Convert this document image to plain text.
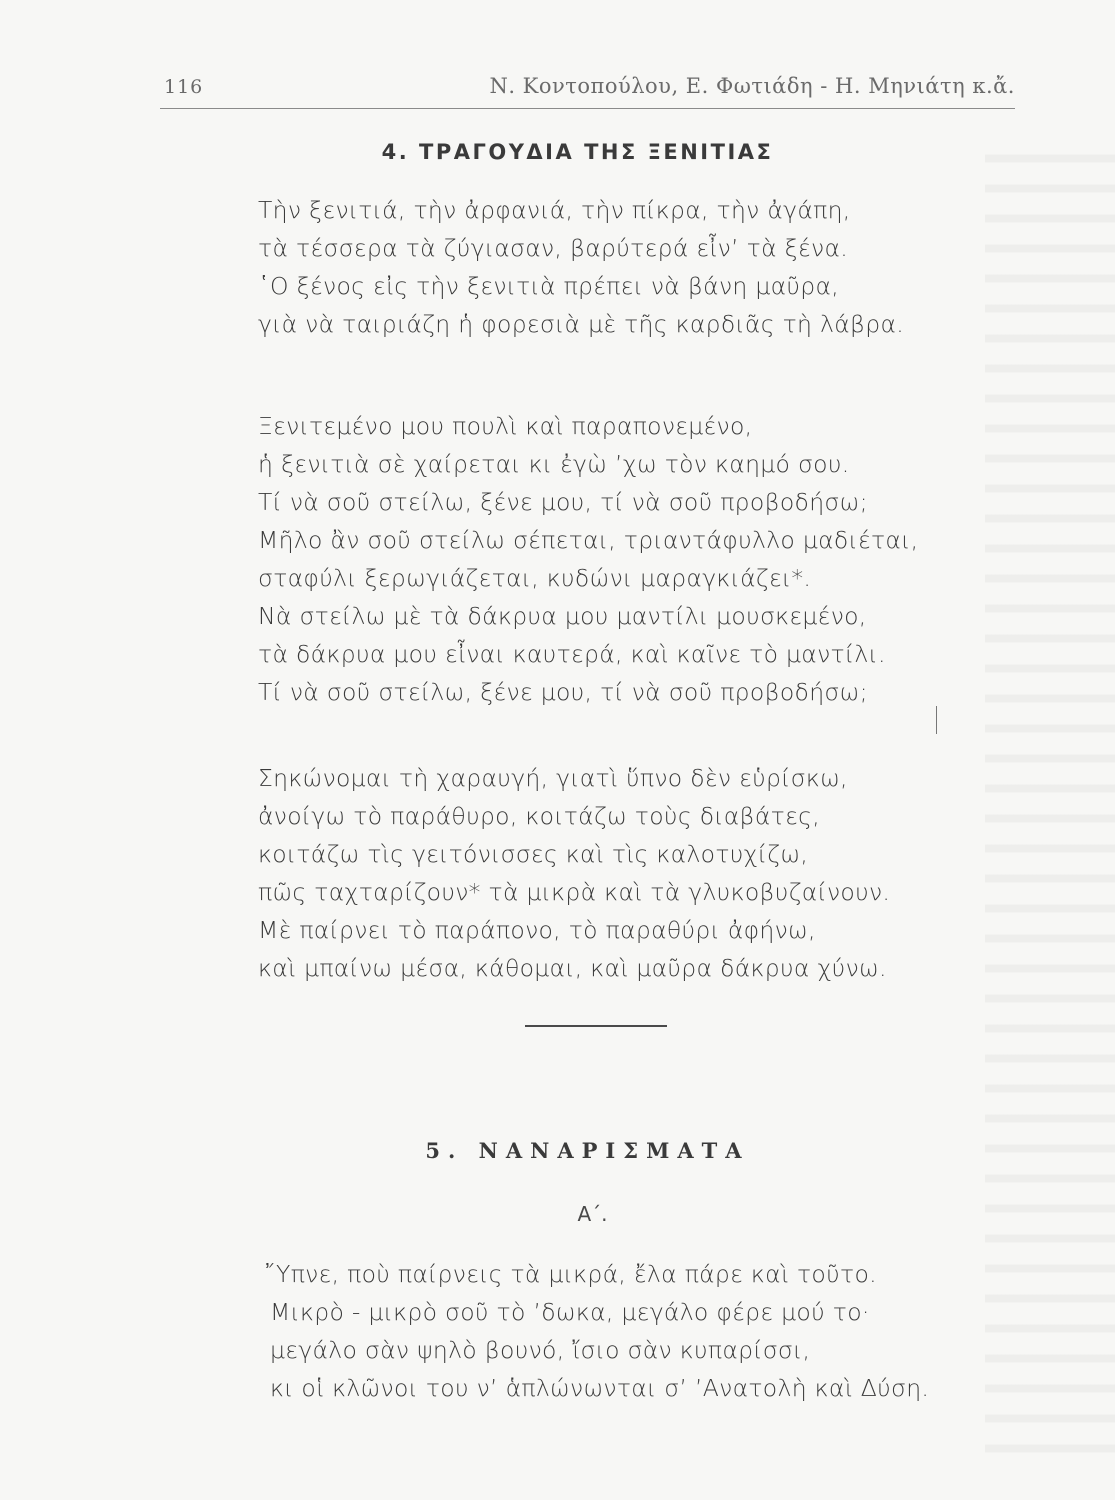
116	Ν. Κοντοπούλου, Ε. Φωτιάδη - Η. Μηνιάτη κ.ἄ.
4. ΤΡΑΓΟΥΔΙΑ ΤΗΣ ΞΕΝΙΤΙΑΣ
Τὴν ξενιτιά, τὴν ἀρφανιά, τὴν πίκρα, τὴν ἀγάπη,
τὰ τέσσερα τὰ ζύγιασαν, βαρύτερά εἶν’ τὰ ξένα.
῾Ο ξένος εἰς τὴν ξενιτιὰ πρέπει νὰ βάνη μαῦρα,
γιὰ νὰ ταιριάζη ἡ φορεσιὰ μὲ τῆς καρδιᾶς τὴ λάβρα.
Ξενιτεμένο μου πουλὶ καὶ παραπονεμένο,
ἡ ξενιτιὰ σὲ χαίρεται κι ἐγὼ ’χω τὸν καημό σου.
Τί νὰ σοῦ στείλω, ξένε μου, τί νὰ σοῦ προβοδήσω;
Μῆλο ἂν σοῦ στείλω σέπεται, τριαντάφυλλο μαδιέται,
σταφύλι ξερωγιάζεται, κυδώνι μαραγκιάζει*.
Νὰ στείλω μὲ τὰ δάκρυα μου μαντίλι μουσκεμένο,
τὰ δάκρυα μου εἶναι καυτερά, καὶ καῖνε τὸ μαντίλι.
Τί νὰ σοῦ στείλω, ξένε μου, τί νὰ σοῦ προβοδήσω;
Σηκώνομαι τὴ χαραυγή, γιατὶ ὕπνο δὲν εὑρίσκω,
ἀνοίγω τὸ παράθυρο, κοιτάζω τοὺς διαβάτες,
κοιτάζω τὶς γειτόνισσες καὶ τὶς καλοτυχίζω,
πῶς ταχταρίζουν* τὰ μικρὰ καὶ τὰ γλυκοβυζαίνουν.
Μὲ παίρνει τὸ παράπονο, τὸ παραθύρι ἀφήνω,
καὶ μπαίνω μέσα, κάθομαι, καὶ μαῦρα δάκρυα χύνω.
5. ΝΑΝΑΡΙΣΜΑΤΑ
Α΄.
῎Υπνε, ποὺ παίρνεις τὰ μικρά, ἔλα πάρε καὶ τοῦτο.
Μικρὸ - μικρὸ σοῦ τὸ ’δωκα, μεγάλο φέρε μού το·
μεγάλο σὰν ψηλὸ βουνό, ἴσιο σὰν κυπαρίσσι,
κι οἱ κλῶνοι του ν’ ἁπλώνωνται σ’ ’Ανατολὴ καὶ Δύση.
